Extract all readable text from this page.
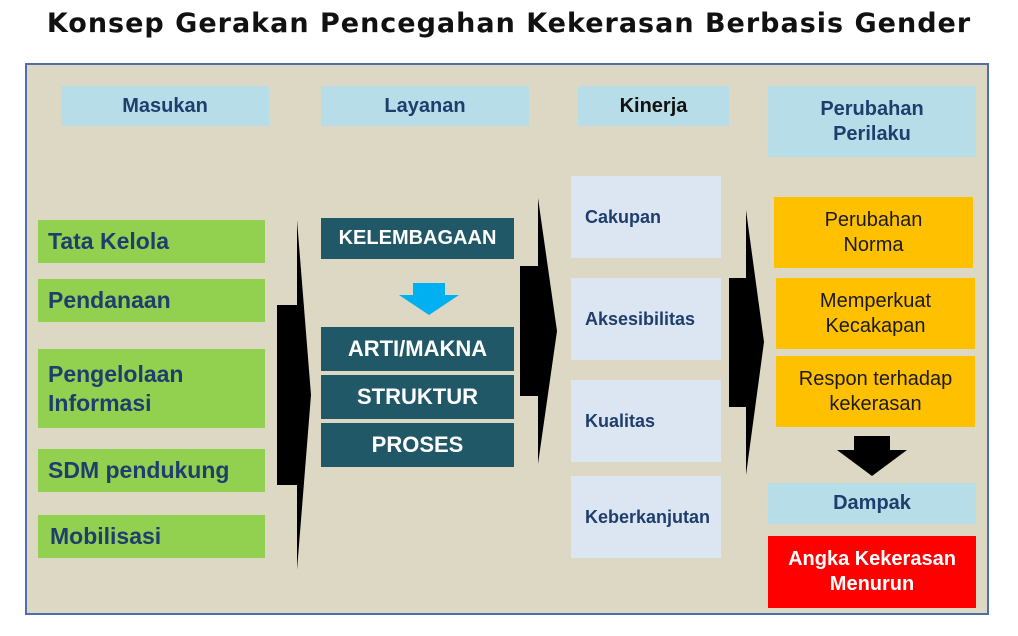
Konsep Gerakan Pencegahan Kekerasan Berbasis Gender
Masukan	Layanan	Kinerja	Perubahan Perilaku
Tata Kelola
Pendanaan
Pengelolaan Informasi
SDM pendukung
Mobilisasi
KELEMBAGAAN
ARTI/MAKNA
STRUKTUR
PROSES
Cakupan
Aksesibilitas
Kualitas
Keberkanjutan
Perubahan Norma
Memperkuat Kecakapan
Respon terhadap kekerasan
Dampak
Angka Kekerasan Menurun
